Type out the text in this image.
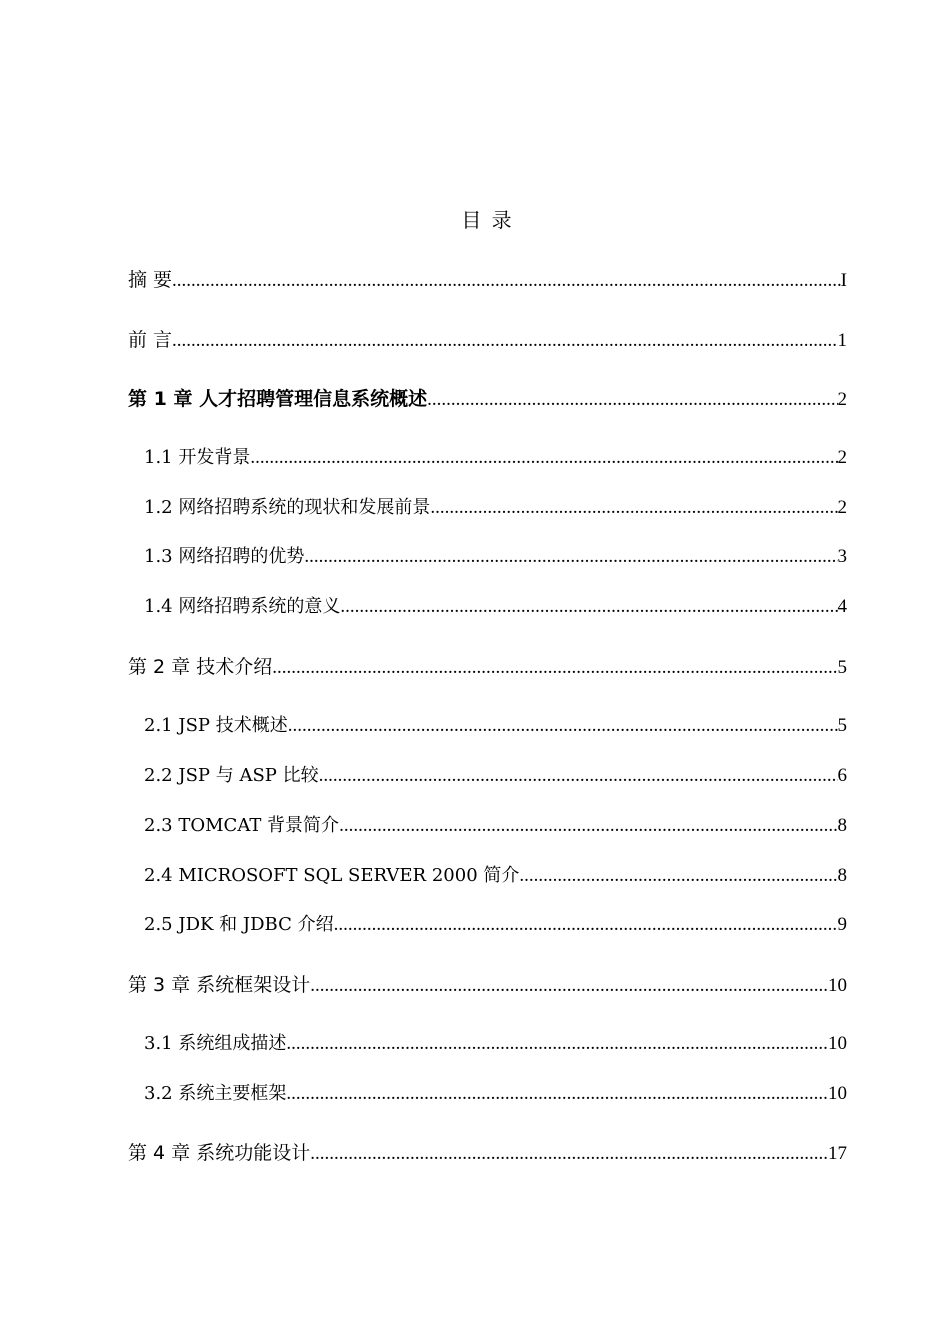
目 录
摘 要 .....	I
前 言 .....	1
第 1 章 人才招聘管理信息系统概述 .....	2
1.1 开发背景 .....	2
1.2 网络招聘系统的现状和发展前景 .....	2
1.3 网络招聘的优势 .....	3
1.4 网络招聘系统的意义 .....	4
第 2 章 技术介绍 .....	5
2.1 JSP 技术概述 .....	5
2.2 JSP 与 ASP 比较 .....	6
2.3 TOMCAT 背景简介 .....	8
2.4 MICROSOFT SQL SERVER 2000 简介 .....	8
2.5 JDK 和 JDBC 介绍 .....	9
第 3 章 系统框架设计 .....	10
3.1 系统组成描述 .....	10
3.2 系统主要框架 .....	10
第 4 章 系统功能设计 .....	17
